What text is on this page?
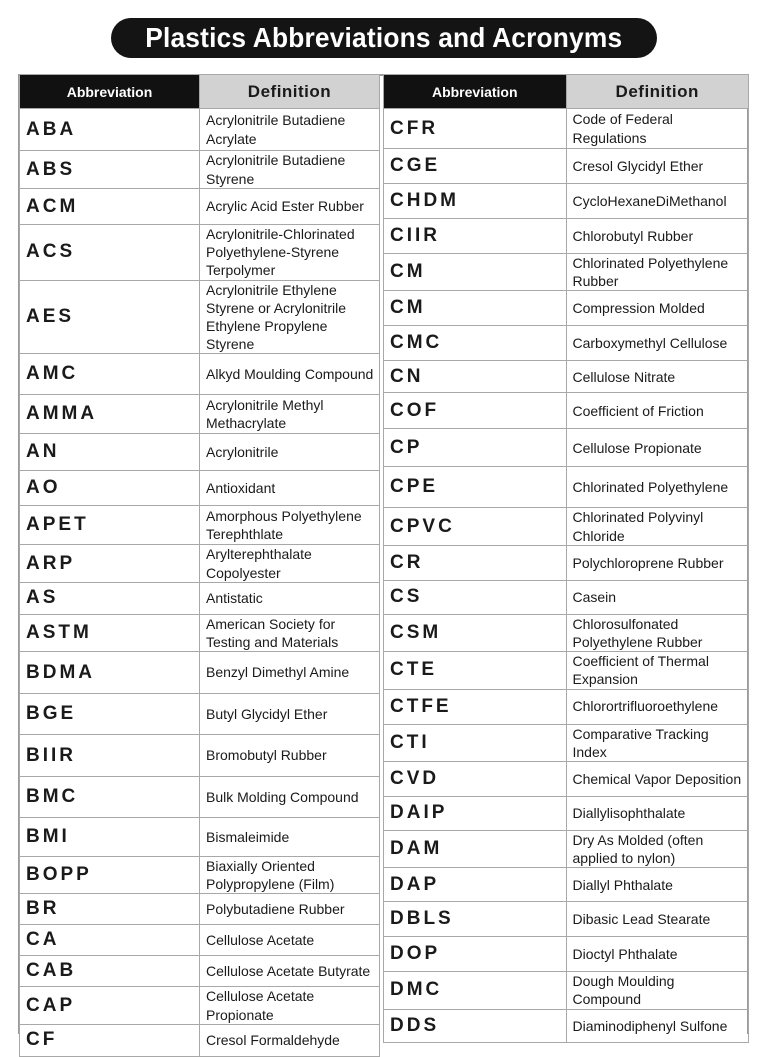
Plastics Abbreviations and Acronyms
Abbreviation	Definition
ABA	Acrylonitrile Butadiene Acrylate
ABS	Acrylonitrile Butadiene Styrene
ACM	Acrylic Acid Ester Rubber
ACS	Acrylonitrile-Chlorinated Polyethylene-Styrene Terpolymer
AES	Acrylonitrile Ethylene Styrene or Acrylonitrile Ethylene Propylene Styrene
AMC	Alkyd Moulding Compound
AMMA	Acrylonitrile Methyl Methacrylate
AN	Acrylonitrile
AO	Antioxidant
APET	Amorphous Polyethylene Terephthlate
ARP	Arylterephthalate Copolyester
AS	Antistatic
ASTM	American Society for Testing and Materials
BDMA	Benzyl Dimethyl Amine
BGE	Butyl Glycidyl Ether
BIIR	Bromobutyl Rubber
BMC	Bulk Molding Compound
BMI	Bismaleimide
BOPP	Biaxially Oriented Polypropylene (Film)
BR	Polybutadiene Rubber
CA	Cellulose Acetate
CAB	Cellulose Acetate Butyrate
CAP	Cellulose Acetate Propionate
CF	Cresol Formaldehyde
Abbreviation	Definition
CFR	Code of Federal Regulations
CGE	Cresol Glycidyl Ether
CHDM	CycloHexaneDiMethanol
CIIR	Chlorobutyl Rubber
CM	Chlorinated Polyethylene Rubber
CM	Compression Molded
CMC	Carboxymethyl Cellulose
CN	Cellulose Nitrate
COF	Coefficient of Friction
CP	Cellulose Propionate
CPE	Chlorinated Polyethylene
CPVC	Chlorinated Polyvinyl Chloride
CR	Polychloroprene Rubber
CS	Casein
CSM	Chlorosulfonated Polyethylene Rubber
CTE	Coefficient of Thermal Expansion
CTFE	Chlorortrifluoroethylene
CTI	Comparative Tracking Index
CVD	Chemical Vapor Deposition
DAIP	Diallylisophthalate
DAM	Dry As Molded (often applied to nylon)
DAP	Diallyl Phthalate
DBLS	Dibasic Lead Stearate
DOP	Dioctyl Phthalate
DMC	Dough Moulding Compound
DDS	Diaminodiphenyl Sulfone
